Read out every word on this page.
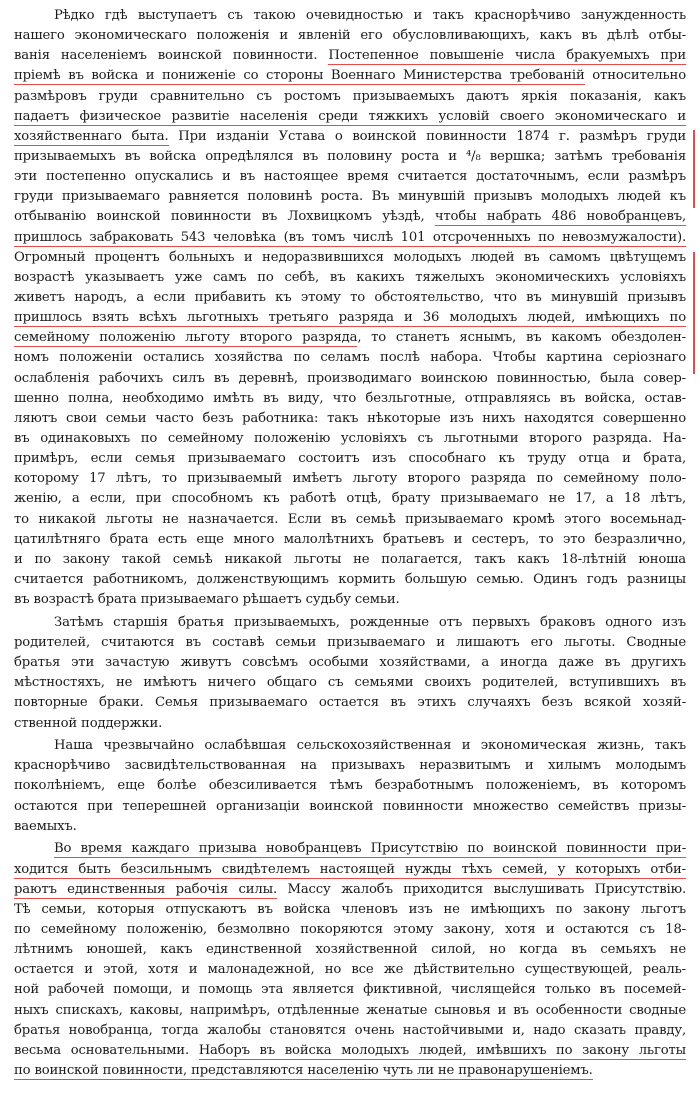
Рѣдко гдѣ выступаетъ съ такою очевидностью и такъ краснорѣчиво занужденность
нашего экономическаго положенія и явленій его обусловливающихъ, какъ въ дѣлѣ отбы-
ванія населеніемъ воинской повинности. Постепенное повышеніе числа бракуемыхъ при
пріемѣ въ войска и пониженіе со стороны Военнаго Министерства требованій относительно
размѣровъ груди сравнительно съ ростомъ призываемыхъ даютъ яркія показанія, какъ
падаетъ физическое развитіе населенія среди тяжкихъ условій своего экономическаго и
хозяйственнаго быта. При изданіи Устава о воинской повинности 1874 г. размѣръ груди
призываемыхъ въ войска опредѣлялся въ половину роста и ⁴/₈ вершка; затѣмъ требованія
эти постепенно опускались и въ настоящее время считается достаточнымъ, если размѣръ
груди призываемаго равняется половинѣ роста. Въ минувшій призывъ молодыхъ людей къ
отбыванію воинской повинности въ Лохвицкомъ уѣздѣ, чтобы набрать 486 новобранцевъ,
пришлось забраковать 543 человѣка (въ томъ числѣ 101 отсроченныхъ по невозмужалости).
Огромный процентъ больныхъ и недоразвившихся молодыхъ людей въ самомъ цвѣтущемъ
возрастѣ указываетъ уже самъ по себѣ, въ какихъ тяжелыхъ экономическихъ условіяхъ
живетъ народъ, а если прибавить къ этому то обстоятельство, что въ минувшій призывъ
пришлось взять всѣхъ льготныхъ третьяго разряда и 36 молодыхъ людей, имѣющихъ по
семейному положенію льготу второго разряда, то станетъ яснымъ, въ какомъ обездолен-
номъ положеніи остались хозяйства по селамъ послѣ набора. Чтобы картина серіознаго
ослабленія рабочихъ силъ въ деревнѣ, производимаго воинскою повинностью, была совер-
шенно полна, необходимо имѣть въ виду, что безльготные, отправляясь въ войска, остав-
ляютъ свои семьи часто безъ работника: такъ нѣкоторые изъ нихъ находятся совершенно
въ одинаковыхъ по семейному положенію условіяхъ съ льготными второго разряда. На-
примѣръ, если семья призываемаго состоитъ изъ способнаго къ труду отца и брата,
которому 17 лѣтъ, то призываемый имѣетъ льготу второго разряда по семейному поло-
женію, а если, при способномъ къ работѣ отцѣ, брату призываемаго не 17, а 18 лѣтъ,
то никакой льготы не назначается. Если въ семьѣ призываемаго кромѣ этого восемьнад-
цатилѣтняго брата есть еще много малолѣтнихъ братьевъ и сестеръ, то это безразлично,
и по закону такой семьѣ никакой льготы не полагается, такъ какъ 18-лѣтній юноша
считается работникомъ, долженствующимъ кормить большую семью. Одинъ годъ разницы
въ возрастѣ брата призываемаго рѣшаетъ судьбу семьи.
Затѣмъ старшія братья призываемыхъ, рожденные отъ первыхъ браковъ одного изъ
родителей, считаются въ составѣ семьи призываемаго и лишаютъ его льготы. Сводные
братья эти зачастую живутъ совсѣмъ особыми хозяйствами, а иногда даже въ другихъ
мѣстностяхъ, не имѣютъ ничего общаго съ семьями своихъ родителей, вступившихъ въ
повторные браки. Семья призываемаго остается въ этихъ случаяхъ безъ всякой хозяй-
ственной поддержки.
Наша чрезвычайно ослабѣвшая сельскохозяйственная и экономическая жизнь, такъ
краснорѣчиво засвидѣтельствованная на призывахъ неразвитымъ и хилымъ молодымъ
поколѣніемъ, еще болѣе обезсиливается тѣмъ безработнымъ положеніемъ, въ которомъ
остаются при теперешней организаціи воинской повинности множество семействъ призы-
ваемыхъ.
Во время каждаго призыва новобранцевъ Присутствію по воинской повинности при-
ходится быть безсильнымъ свидѣтелемъ настоящей нужды тѣхъ семей, у которыхъ отби-
раютъ единственныя рабочія силы. Массу жалобъ приходится выслушивать Присутствію.
Тѣ семьи, которыя отпускаютъ въ войска членовъ изъ не имѣющихъ по закону льготъ
по семейному положенію, безмолвно покоряются этому закону, хотя и остаются съ 18-
лѣтнимъ юношей, какъ единственной хозяйственной силой, но когда въ семьяхъ не
остается и этой, хотя и малонадежной, но все же дѣйствительно существующей, реаль-
ной рабочей помощи, и помощь эта является фиктивной, числящейся только въ посемей-
ныхъ спискахъ, каковы, напримѣръ, отдѣленные женатые сыновья и въ особенности сводные
братья новобранца, тогда жалобы становятся очень настойчивыми и, надо сказать правду,
весьма основательными. Наборъ въ войска молодыхъ людей, имѣвшихъ по закону льготы
по воинской повинности, представляются населенію чуть ли не правонарушеніемъ.
